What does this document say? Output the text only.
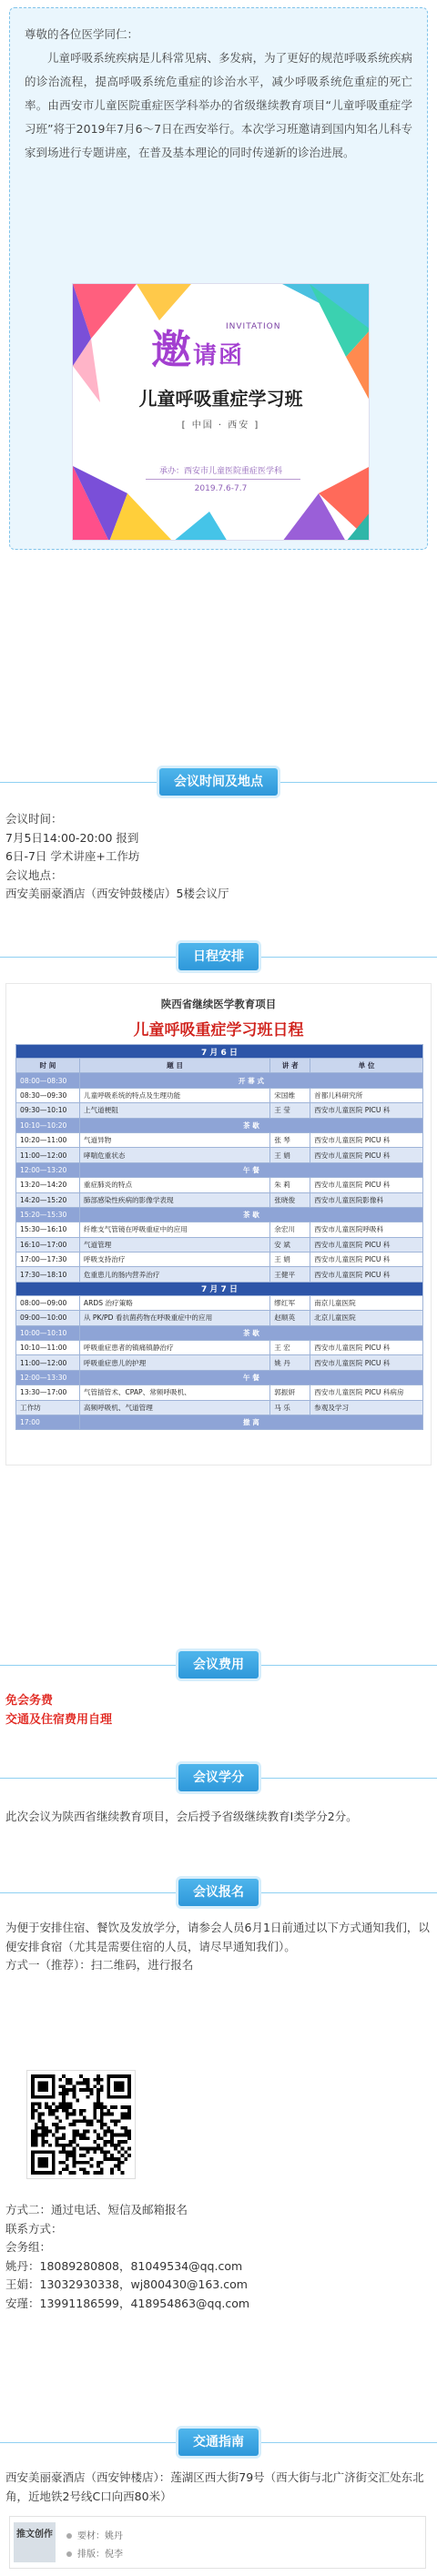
尊敬的各位医学同仁：

儿童呼吸系统疾病是儿科常见病、多发病，为了更好的规范呼吸系统疾病的诊治流程，提高呼吸系统危重症的诊治水平，减少呼吸系统危重症的死亡率。由西安市儿童医院重症医学科举办的省级继续教育项目“儿童呼吸重症学习班”将于2019年7月6～7日在西安举行。本次学习班邀请到国内知名儿科专家到场进行专题讲座，在普及基本理论的同时传递新的诊治进展。

邀请函
INVITATION
儿童呼吸重症学习班
[ 中国 · 西安 ]
承办：西安市儿童医院重症医学科
2019.7.6-7.7
会议时间及地点

会议时间：

7月5日14:00-20:00 报到

6日-7日 学术讲座+工作坊

会议地点：

西安美丽豪酒店（西安钟鼓楼店）5楼会议厅

日程安排
陕西省继续医学教育项目
儿童呼吸重症学习班日程
7 月 6 日			
时 间	题 目	讲 者	单 位
08:00—08:30	开 幕 式		
08:30—09:30	儿童呼吸系统的特点及生理功能	宋国维	首都儿科研究所
09:30—10:10	上气道梗阻	王 莹	西安市儿童医院 PICU 科
10:10—10:20	茶 歇		
10:20—11:00	气道异物	张 琴	西安市儿童医院 PICU 科
11:00—12:00	哮喘危重状态	王 娟	西安市儿童医院 PICU 科
12:00—13:20	午 餐		
13:20—14:20	重症肺炎的特点	朱 莉	西安市儿童医院 PICU 科
14:20—15:20	肺部感染性疾病的影像学表现	张晓俊	西安市儿童医院影像科
15:20—15:30	茶 歇		
15:30—16:10	纤维支气管镜在呼吸重症中的应用	余宏川	西安市儿童医院呼吸科
16:10—17:00	气道管理	安 斌	西安市儿童医院 PICU 科
17:00—17:30	呼吸支持治疗	王 娟	西安市儿童医院 PICU 科
17:30—18:10	危重患儿的肠内营养治疗	王健平	西安市儿童医院 PICU 科
7 月 7 日			
08:00—09:00	ARDS 治疗策略	缪红军	南京儿童医院
09:00—10:00	从 PK/PD 看抗菌药物在呼吸重症中的应用	赵顺英	北京儿童医院
10:00—10:10	茶 歇		
10:10—11:00	呼吸重症患者的镇痛镇静治疗	王 宏	西安市儿童医院 PICU 科
11:00—12:00	呼吸重症患儿的护理	姚 丹	西安市儿童医院 PICU 科
12:00—13:30	午 餐		
13:30—17:00	气管插管术、CPAP、常频呼吸机、	郭振妍	西安市儿童医院 PICU 科病房
工作坊	高频呼吸机、气道管理	马 乐	参观及学习
17:00	撤 离		
会议费用

免会务费

交通及住宿费用自理

会议学分

此次会议为陕西省继续教育项目，会后授予省级继续教育I类学分2分。

会议报名

为便于安排住宿、餐饮及发放学分，请参会人员6月1日前通过以下方式通知我们，以便安排食宿（尤其是需要住宿的人员，请尽早通知我们）。

方式一（推荐）：扫二维码，进行报名

方式二：通过电话、短信及邮箱报名

联系方式：

会务组：

姚丹：18089280808，81049534@qq.com

王娟：13032930338，wj800430@163.com

安瑾：13991186599，418954863@qq.com

交通指南

西安美丽豪酒店（西安钟楼店）：莲湖区西大街79号（西大街与北广济街交汇处东北角，近地铁2号线C口向西80米）

推文创作	要材：姚丹
排版：倪李
